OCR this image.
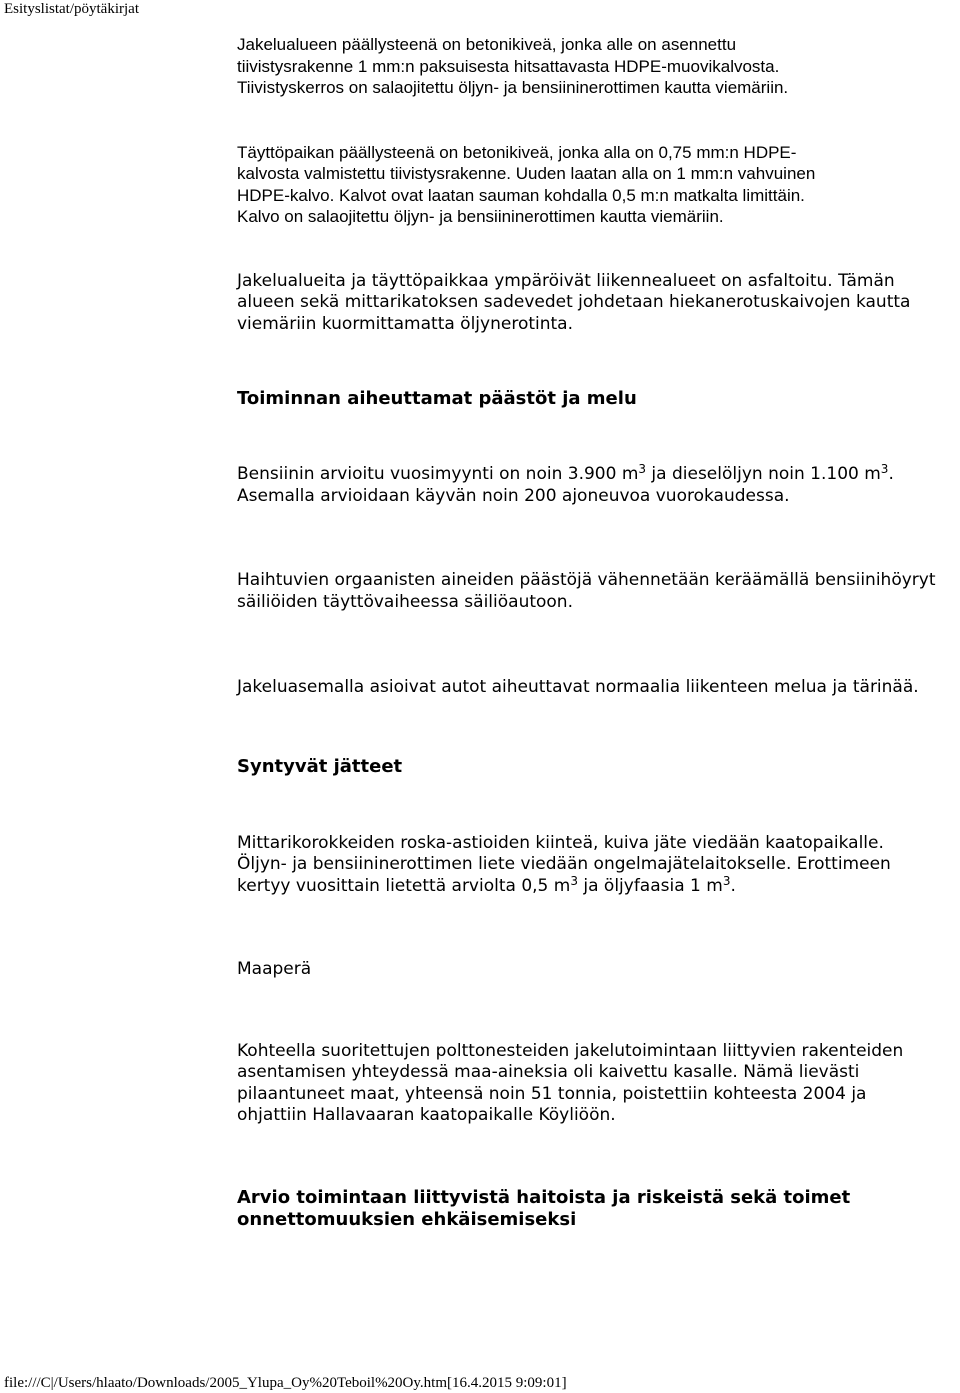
Esityslistat/pöytäkirjat

Jakelualueen päällysteenä on betonikiveä, jonka alle on asennettu
tiivistysrakenne 1 mm:n paksuisesta hitsattavasta HDPE-muovikalvosta.
Tiivistyskerros on salaojitettu öljyn- ja bensiininerottimen kautta viemäriin.

Täyttöpaikan päällysteenä on betonikiveä, jonka alla on 0,75 mm:n HDPE-
kalvosta valmistettu tiivistysrakenne. Uuden laatan alla on 1 mm:n vahvuinen
HDPE-kalvo. Kalvot ovat laatan sauman kohdalla 0,5 m:n matkalta limittäin.
Kalvo on salaojitettu öljyn- ja bensiininerottimen kautta viemäriin.

Jakelualueita ja täyttöpaikkaa ympäröivät liikennealueet on asfaltoitu. Tämän
alueen sekä mittarikatoksen sadevedet johdetaan hiekanerotuskaivojen kautta
viemäriin kuormittamatta öljynerotinta.

Toiminnan aiheuttamat päästöt ja melu

Bensiinin arvioitu vuosimyynti on noin 3.900 $m^3$ ja dieselöljyn noin 1.100 $m^3$.
Asemalla arvioidaan käyvän noin 200 ajoneuvoa vuorokaudessa.

Haihtuvien orgaanisten aineiden päästöjä vähennetään keräämällä bensiinihöyryt
säiliöiden täyttövaiheessa säiliöautoon.

Jakeluasemalla asioivat autot aiheuttavat normaalia liikenteen melua ja tärinää.

Syntyvät jätteet

Mittarikorokkeiden roska-astioiden kiinteä, kuiva jäte viedään kaatopaikalle.
Öljyn- ja bensiininerottimen liete viedään ongelmajätelaitokselle. Erottimeen
kertyy vuosittain lietettä arviolta 0,5 $m^3$ ja öljyfaasia 1 $m^3$.

Maaperä

Kohteella suoritettujen polttonesteiden jakelutoimintaan liittyvien rakenteiden
asentamisen yhteydessä maa-aineksia oli kaivettu kasalle. Nämä lievästi
pilaantuneet maat, yhteensä noin 51 tonnia, poistettiin kohteesta 2004 ja
ohjattiin Hallavaaran kaatopaikalle Köyliöön.

Arvio toimintaan liittyvistä haitoista ja riskeistä sekä toimet
onnettomuuksien ehkäisemiseksi

file:///C|/Users/hlaato/Downloads/2005_Ylupa_Oy%20Teboil%20Oy.htm[16.4.2015 9:09:01]
